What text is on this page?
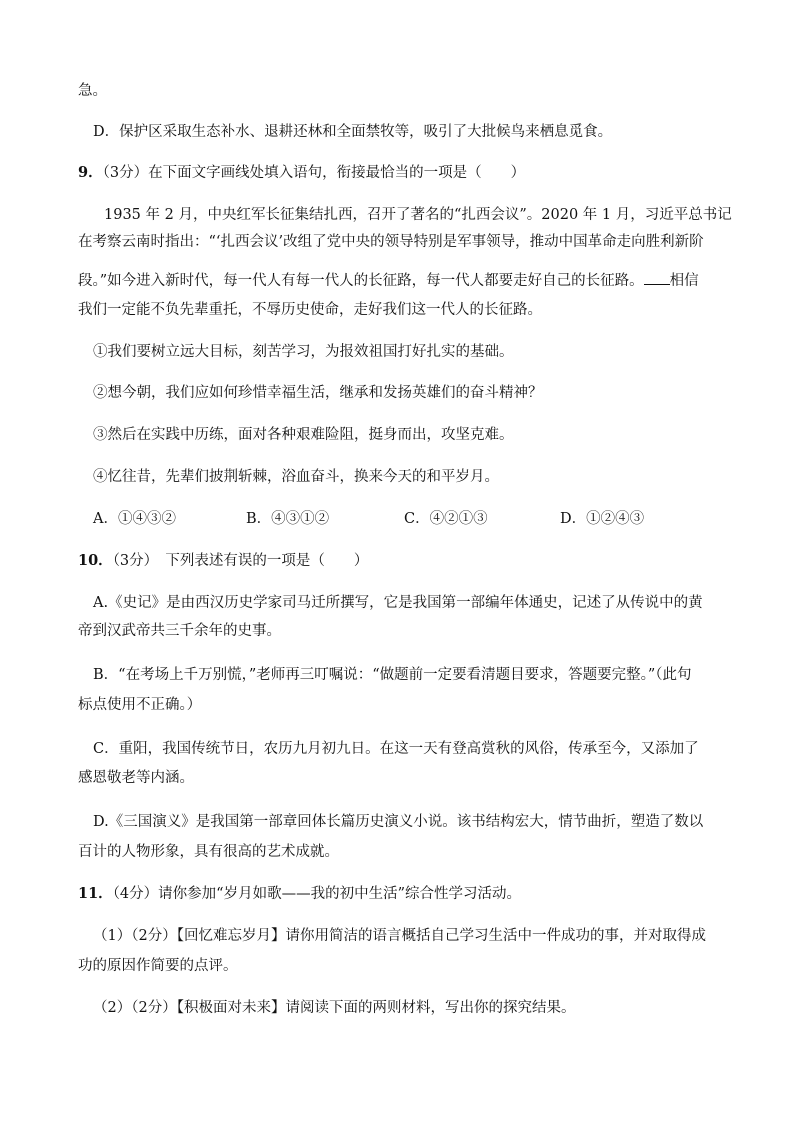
急。
D．保护区采取生态补水、退耕还林和全面禁牧等，吸引了大批候鸟来栖息觅食。
9．（3分）在下面文字画线处填入语句，衔接最恰当的一项是（　　）
1935 年 2 月，中央红军长征集结扎西，召开了著名的“扎西会议”。2020 年 1 月，习近平总书记
在考察云南时指出：“‘扎西会议’改组了党中央的领导特别是军事领导，推动中国革命走向胜利新阶
段。”如今进入新时代，每一代人有每一代人的长征路，每一代人都要走好自己的长征路。 相信
我们一定能不负先辈重托，不辱历史使命，走好我们这一代人的长征路。
①我们要树立远大目标，刻苦学习，为报效祖国打好扎实的基础。
②想今朝，我们应如何珍惜幸福生活，继承和发扬英雄们的奋斗精神？
③然后在实践中历练，面对各种艰难险阻，挺身而出，攻坚克难。
④忆往昔，先辈们披荆斩棘，浴血奋斗，换来今天的和平岁月。
A．①④③②	B．④③①②	C．④②①③	D．①②④③
10．（3分）　下列表述有误的一项是（　　）
A.《史记》是由西汉历史学家司马迁所撰写，它是我国第一部编年体通史，记述了从传说中的黄
帝到汉武帝共三千余年的史事。
B．“在考场上千万别慌，”老师再三叮嘱说：“做题前一定要看清题目要求，答题要完整。”（此句
标点使用不正确。）
C．重阳，我国传统节日，农历九月初九日。在这一天有登高赏秋的风俗，传承至今，又添加了
感恩敬老等内涵。
D.《三国演义》是我国第一部章回体长篇历史演义小说。该书结构宏大，情节曲折，塑造了数以
百计的人物形象，具有很高的艺术成就。
11．（4分）请你参加“岁月如歌——我的初中生活”综合性学习活动。
（1）（2分）【回忆难忘岁月】请你用简洁的语言概括自己学习生活中一件成功的事，并对取得成
功的原因作简要的点评。
（2）（2分）【积极面对未来】请阅读下面的两则材料，写出你的探究结果。
